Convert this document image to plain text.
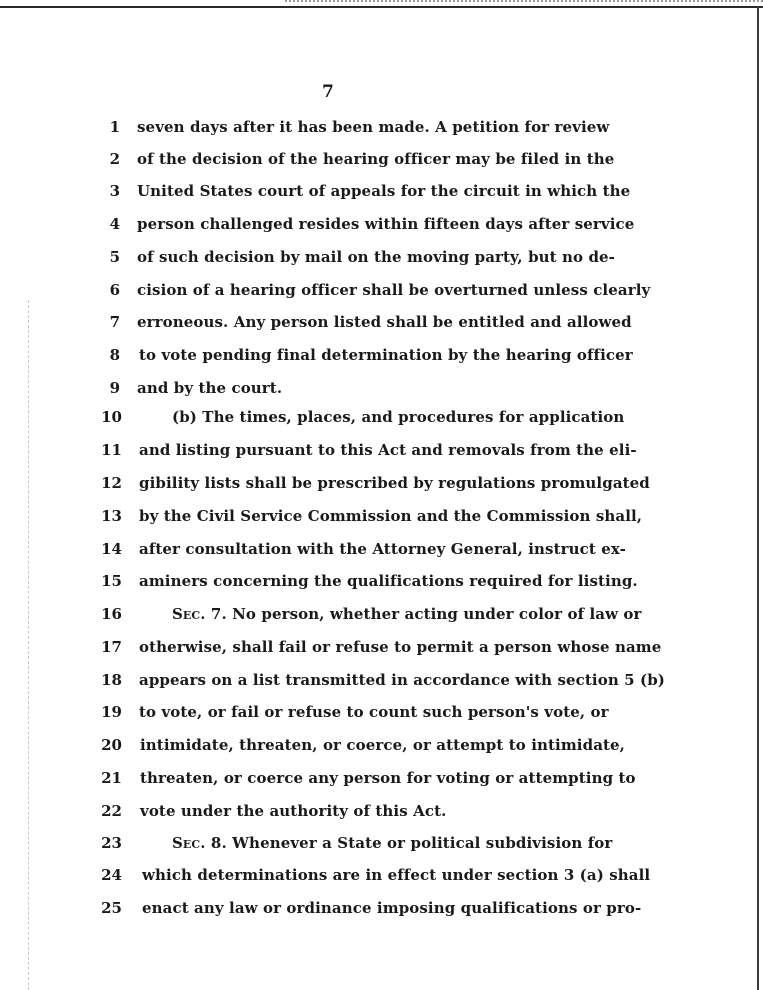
7
1 seven days after it has been made. A petition for review
2 of the decision of the hearing officer may be filed in the
3 United States court of appeals for the circuit in which the
4 person challenged resides within fifteen days after service
5 of such decision by mail on the moving party, but no de-
6 cision of a hearing officer shall be overturned unless clearly
7 erroneous. Any person listed shall be entitled and allowed
8 to vote pending final determination by the hearing officer
9 and by the court.
10	(b) The times, places, and procedures for application
11 and listing pursuant to this Act and removals from the eli-
12 gibility lists shall be prescribed by regulations promulgated
13 by the Civil Service Commission and the Commission shall,
14 after consultation with the Attorney General, instruct ex-
15 aminers concerning the qualifications required for listing.
16	Sec. 7. No person, whether acting under color of law or
17 otherwise, shall fail or refuse to permit a person whose name
18 appears on a list transmitted in accordance with section 5 (b)
19 to vote, or fail or refuse to count such person's vote, or
20 intimidate, threaten, or coerce, or attempt to intimidate,
21 threaten, or coerce any person for voting or attempting to
22 vote under the authority of this Act.
23	Sec. 8. Whenever a State or political subdivision for
24 which determinations are in effect under section 3 (a) shall
25 enact any law or ordinance imposing qualifications or pro-
